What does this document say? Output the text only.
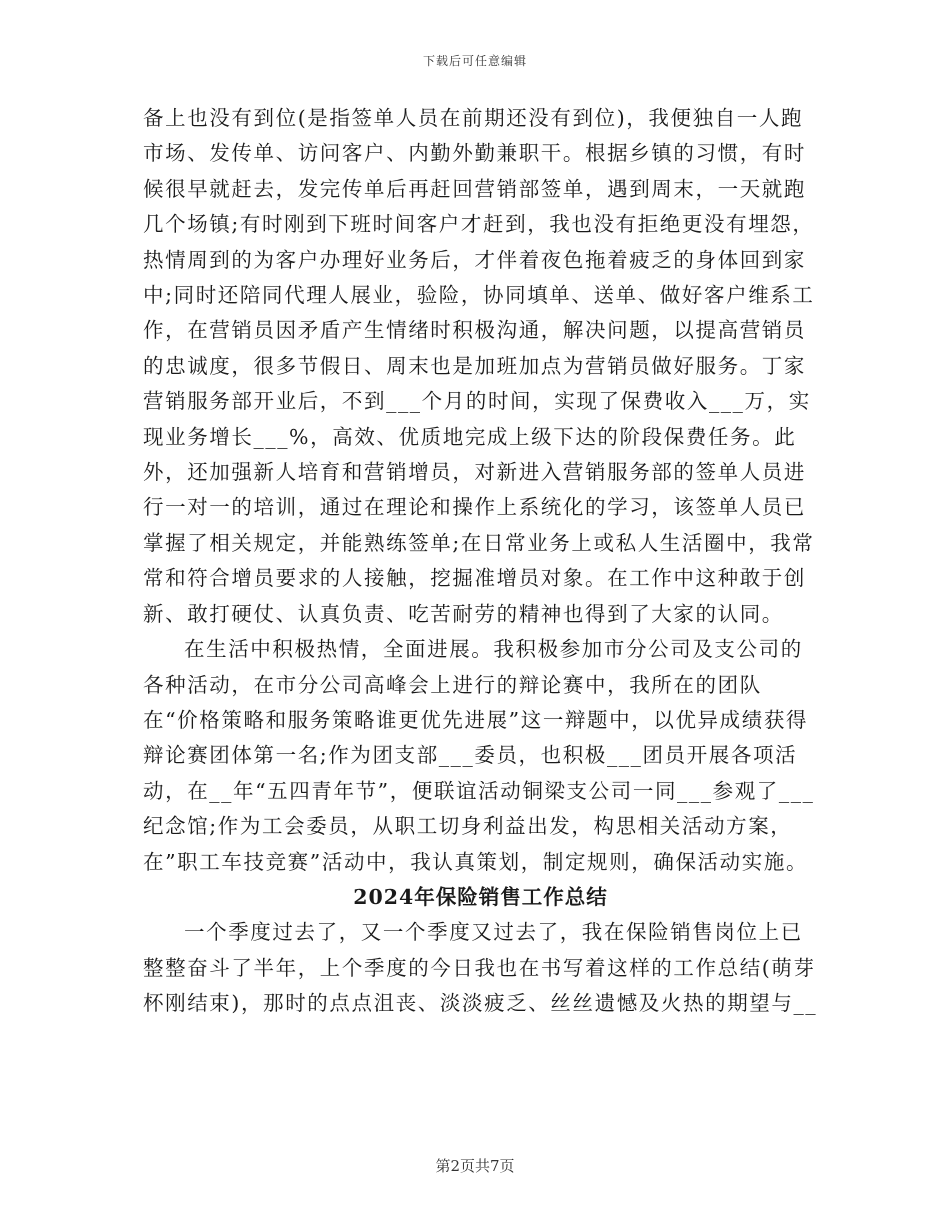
下载后可任意编辑

备上也没有到位(是指签单人员在前期还没有到位)，我便独自一人跑市场、发传单、访问客户、内勤外勤兼职干。根据乡镇的习惯，有时候很早就赶去，发完传单后再赶回营销部签单，遇到周末，一天就跑几个场镇;有时刚到下班时间客户才赶到，我也没有拒绝更没有埋怨，热情周到的为客户办理好业务后，才伴着夜色拖着疲乏的身体回到家中;同时还陪同代理人展业，验险，协同填单、送单、做好客户维系工作，在营销员因矛盾产生情绪时积极沟通，解决问题，以提高营销员的忠诚度，很多节假日、周末也是加班加点为营销员做好服务。丁家营销服务部开业后，不到___个月的时间，实现了保费收入___万，实现业务增长___%，高效、优质地完成上级下达的阶段保费任务。此外，还加强新人培育和营销增员，对新进入营销服务部的签单人员进行一对一的培训，通过在理论和操作上系统化的学习，该签单人员已掌握了相关规定，并能熟练签单;在日常业务上或私人生活圈中，我常常和符合增员要求的人接触，挖掘准增员对象。在工作中这种敢于创新、敢打硬仗、认真负责、吃苦耐劳的精神也得到了大家的认同。

在生活中积极热情，全面进展。我积极参加市分公司及支公司的各种活动，在市分公司高峰会上进行的辩论赛中，我所在的团队在“价格策略和服务策略谁更优先进展”这一辩题中，以优异成绩获得辩论赛团体第一名;作为团支部___委员，也积极___团员开展各项活动，在__年“五四青年节”，便联谊活动铜梁支公司一同___参观了___纪念馆;作为工会委员，从职工切身利益出发，构思相关活动方案，在”职工车技竞赛”活动中，我认真策划，制定规则，确保活动实施。

2024年保险销售工作总结

一个季度过去了，又一个季度又过去了，我在保险销售岗位上已整整奋斗了半年，上个季度的今日我也在书写着这样的工作总结(萌芽杯刚结束)，那时的点点沮丧、淡淡疲乏、丝丝遗憾及火热的期望与__

第2页共7页
